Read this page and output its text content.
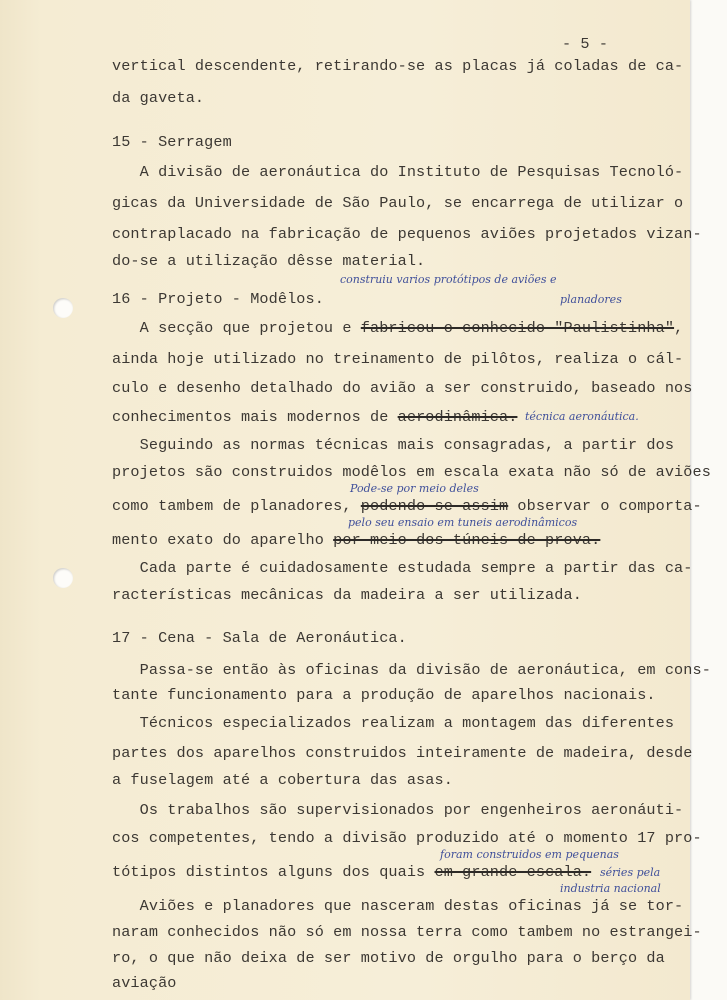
- 5 -
vertical descendente, retirando-se as placas já coladas de ca-
da gaveta.
15 - Serragem
A divisão de aeronáutica do Instituto de Pesquisas Tecnoló-
gicas da Universidade de São Paulo, se encarrega de utilizar o
contraplacado na fabricação de pequenos aviões projetados vizan-
do-se a utilização dêsse material.
16 - Projeto - Modêlos.
A secção que projetou e fabricou o conhecido "Paulistinha",
ainda hoje utilizado no treinamento de pilôtos, realiza o cál-
culo e desenho detalhado do avião a ser construido, baseado nos
conhecimentos mais modernos de aerodinâmica.
Seguindo as normas técnicas mais consagradas, a partir dos
projetos são construidos modêlos em escala exata não só de aviões
como tambem de planadores, podendo-se assim observar o comporta-
mento exato do aparelho por meio dos túneis de prova.
Cada parte é cuidadosamente estudada sempre a partir das ca-
racterísticas mecânicas da madeira a ser utilizada.
17 - Cena - Sala de Aeronáutica.
Passa-se então às oficinas da divisão de aeronáutica, em cons-
tante funcionamento para a produção de aparelhos nacionais.
Técnicos especializados realizam a montagem das diferentes
partes dos aparelhos construidos inteiramente de madeira, desde
a fuselagem até a cobertura das asas.
Os trabalhos são supervisionados por engenheiros aeronáuti-
cos competentes, tendo a divisão produzido até o momento 17 pro-
tótipos distintos alguns dos quais em grande escala.
Aviões e planadores que nasceram destas oficinas já se tor-
naram conhecidos não só em nossa terra como tambem no estrangei-
ro, o que não deixa de ser motivo de orgulho para o berço da
aviação
construiu varios protótipos de aviões e
planadores
técnica aeronáutica.
Pode-se por meio deles
pelo seu ensaio em tuneis aerodinâmicos
foram construidos em pequenas
séries pela
industria nacional
